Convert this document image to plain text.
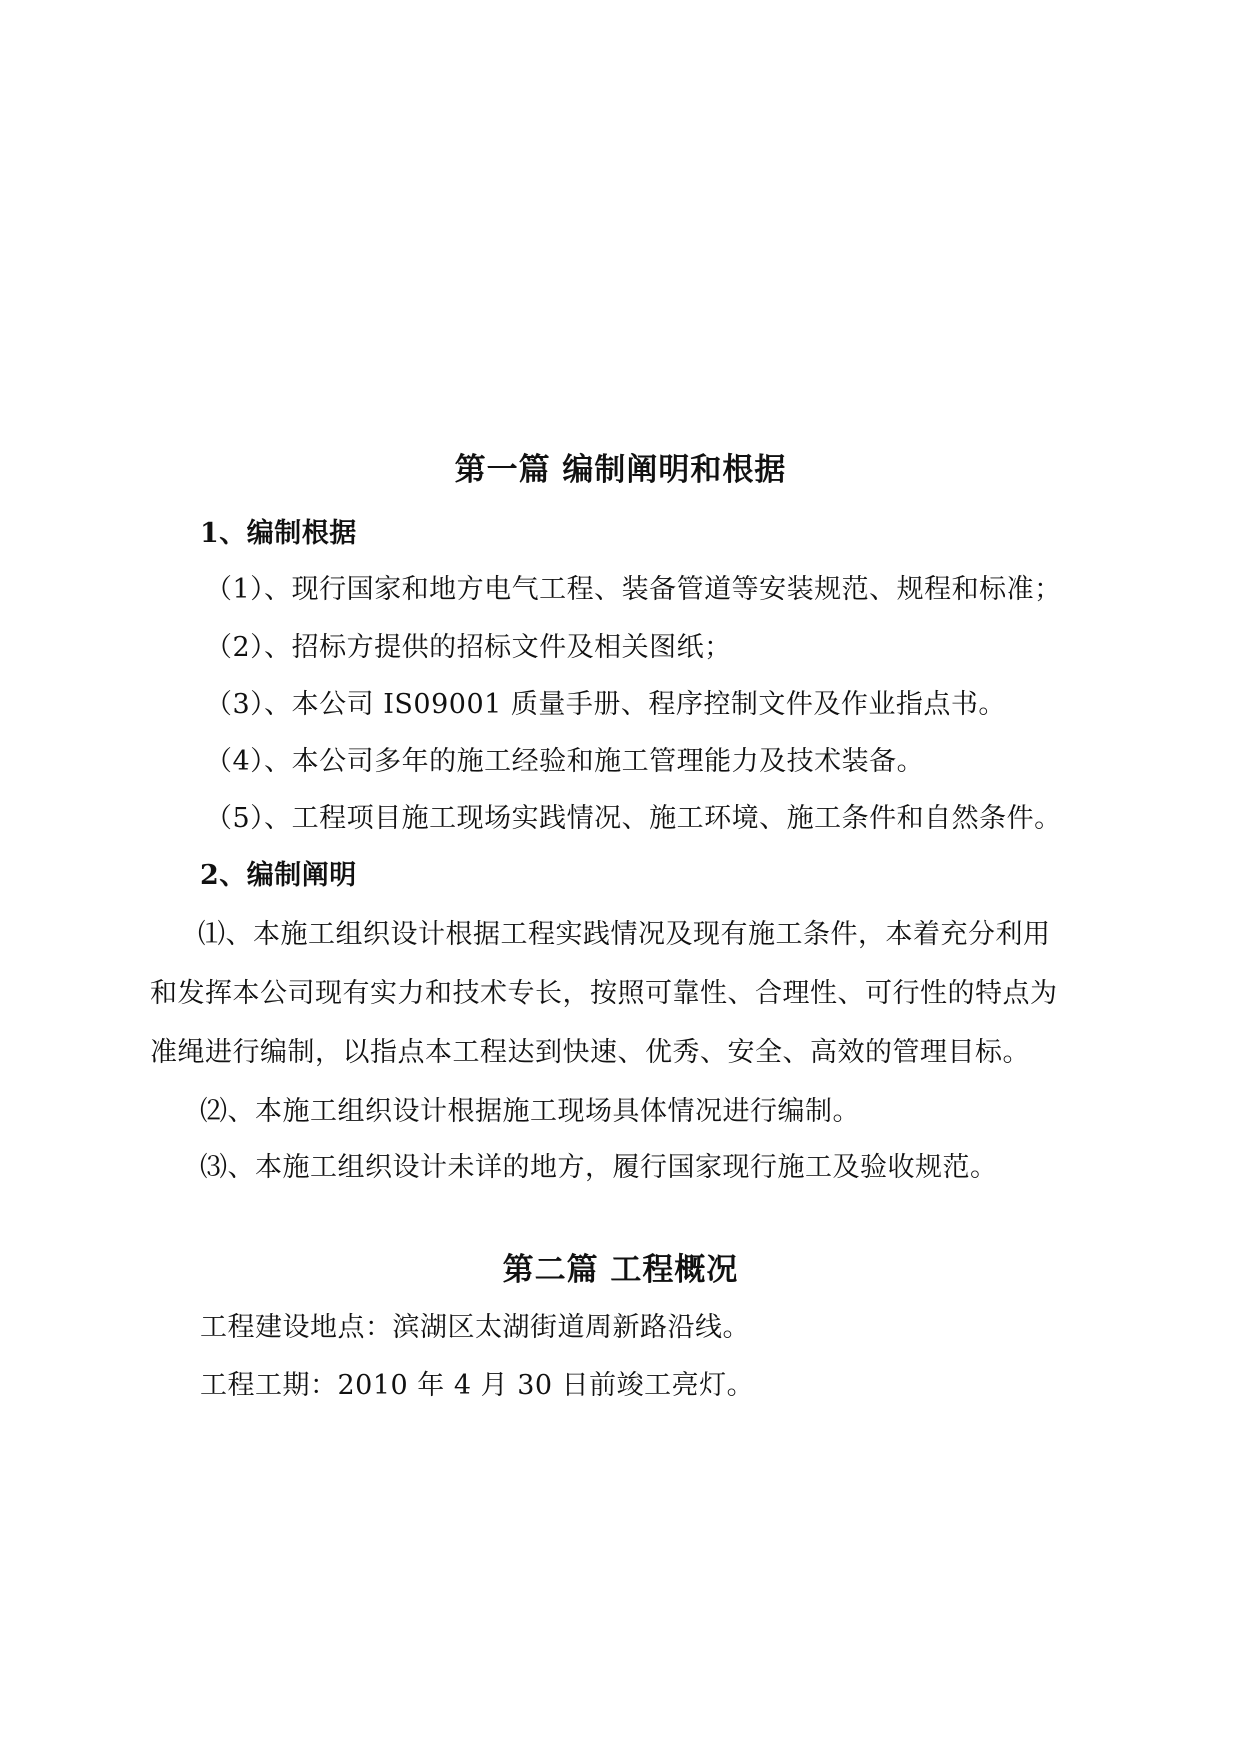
第一篇 编制阐明和根据
1、编制根据
（1）、现行国家和地方电气工程、装备管道等安装规范、规程和标准；
（2）、招标方提供的招标文件及相关图纸；
（3）、本公司 IS09001 质量手册、程序控制文件及作业指点书。
（4）、本公司多年的施工经验和施工管理能力及技术装备。
（5）、工程项目施工现场实践情况、施工环境、施工条件和自然条件。
2、编制阐明
⑴、本施工组织设计根据工程实践情况及现有施工条件，本着充分利用
和发挥本公司现有实力和技术专长，按照可靠性、合理性、可行性的特点为
准绳进行编制，以指点本工程达到快速、优秀、安全、高效的管理目标。
⑵、本施工组织设计根据施工现场具体情况进行编制。
⑶、本施工组织设计未详的地方，履行国家现行施工及验收规范。
第二篇 工程概况
工程建设地点：滨湖区太湖街道周新路沿线。
工程工期：2010 年 4 月 30 日前竣工亮灯。
